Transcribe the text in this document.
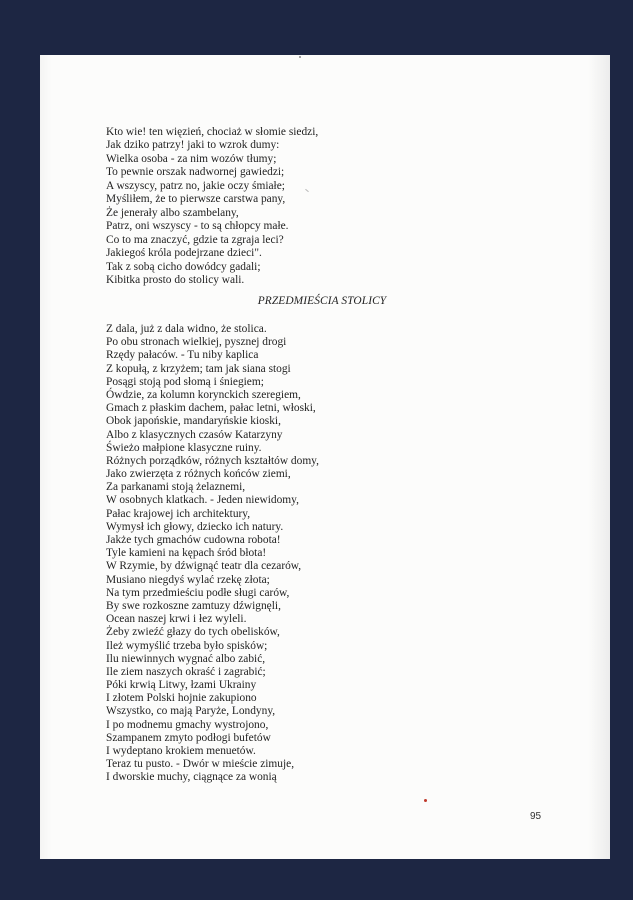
Kto wie! ten więzień, chociaż w słomie siedzi,
Jak dziko patrzy! jaki to wzrok dumy:
Wielka osoba - za nim wozów tłumy;
To pewnie orszak nadwornej gawiedzi;
A wszyscy, patrz no, jakie oczy śmiałe;
Myśliłem, że to pierwsze carstwa pany,
Że jenerały albo szambelany,
Patrz, oni wszyscy - to są chłopcy małe.
Co to ma znaczyć, gdzie ta zgraja leci?
Jakiegoś króla podejrzane dzieci".
Tak z sobą cicho dowódcy gadali;
Kibitka prosto do stolicy wali.
PRZEDMIEŚCIA STOLICY
Z dala, już z dala widno, że stolica.
Po obu stronach wielkiej, pysznej drogi
Rzędy pałaców. - Tu niby kaplica
Z kopułą, z krzyżem; tam jak siana stogi
Posągi stoją pod słomą i śniegiem;
Ówdzie, za kolumn korynckich szeregiem,
Gmach z płaskim dachem, pałac letni, włoski,
Obok japońskie, mandaryńskie kioski,
Albo z klasycznych czasów Katarzyny
Świeżo małpione klasyczne ruiny.
Różnych porządków, różnych kształtów domy,
Jako zwierzęta z różnych końców ziemi,
Za parkanami stoją żelaznemi,
W osobnych klatkach. - Jeden niewidomy,
Pałac krajowej ich architektury,
Wymysł ich głowy, dziecko ich natury.
Jakże tych gmachów cudowna robota!
Tyle kamieni na kępach śród błota!
W Rzymie, by dźwignąć teatr dla cezarów,
Musiano niegdyś wylać rzekę złota;
Na tym przedmieściu podłe sługi carów,
By swe rozkoszne zamtuzy dźwignęli,
Ocean naszej krwi i łez wyleli.
Żeby zwieźć głazy do tych obelisków,
Ileż wymyślić trzeba było spisków;
Ilu niewinnych wygnać albo zabić,
Ile ziem naszych okraść i zagrabić;
Póki krwią Litwy, łzami Ukrainy
I złotem Polski hojnie zakupiono
Wszystko, co mają Paryże, Londyny,
I po modnemu gmachy wystrojono,
Szampanem zmyto podłogi bufetów
I wydeptano krokiem menuetów.
Teraz tu pusto. - Dwór w mieście zimuje,
I dworskie muchy, ciągnące za wonią
95
